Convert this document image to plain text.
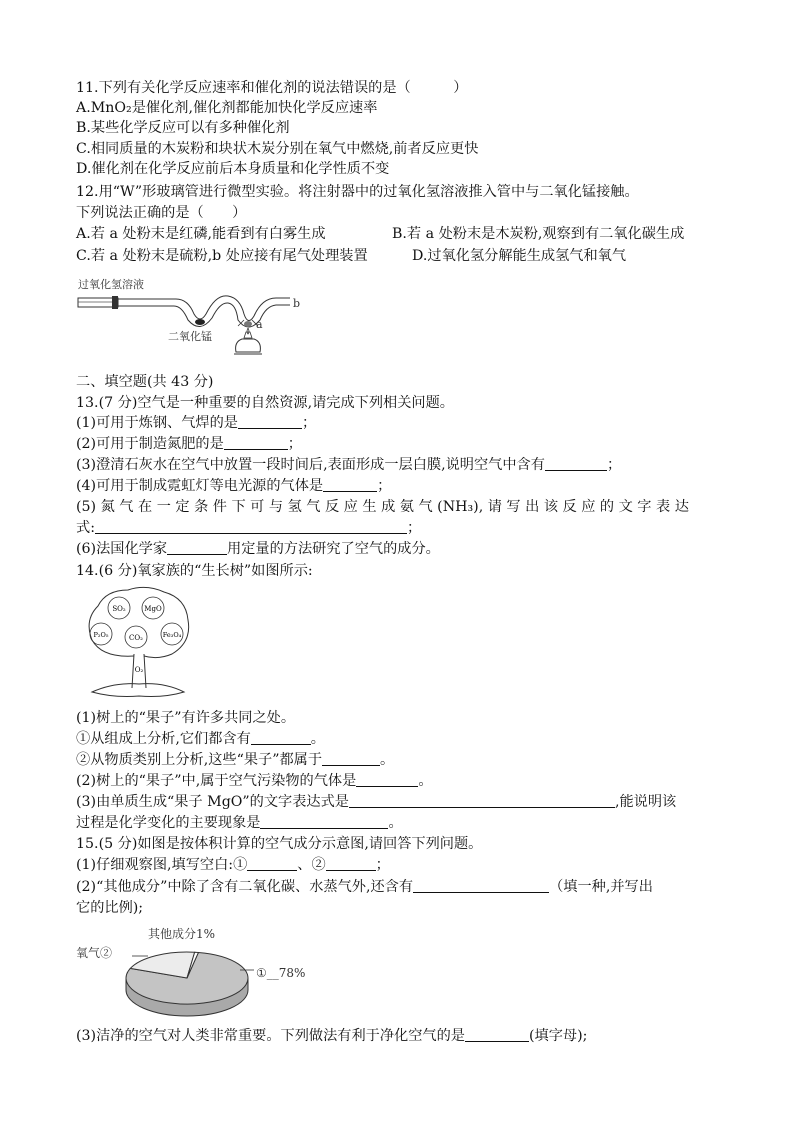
11.下列有关化学反应速率和催化剂的说法错误的是（　　　）
A.MnO₂是催化剂,催化剂都能加快化学反应速率
B.某些化学反应可以有多种催化剂
C.相同质量的木炭粉和块状木炭分别在氧气中燃烧,前者反应更快
D.催化剂在化学反应前后本身质量和化学性质不变
12.用“W”形玻璃管进行微型实验。将注射器中的过氧化氢溶液推入管中与二氧化锰接触。
下列说法正确的是（　　）
A.若 a 处粉末是红磷,能看到有白雾生成	B.若 a 处粉末是木炭粉,观察到有二氧化碳生成
C.若 a 处粉末是硫粉,b 处应接有尾气处理装置	D.过氧化氢分解能生成氢气和氧气
过氧化氢溶液
b
a
二氧化锰
二、填空题(共 43 分)
13.(7 分)空气是一种重要的自然资源,请完成下列相关问题。
(1)可用于炼钢、气焊的是	；
(2)可用于制造氮肥的是	；
(3)澄清石灰水在空气中放置一段时间后,表面形成一层白膜,说明空气中含有	；
(4)可用于制成霓虹灯等电光源的气体是	；
(5) 氮 气 在 一 定 条 件 下 可 与 氢 气 反 应 生 成 氨 气 (NH₃), 请 写 出 该 反 应 的 文 字 表 达
式:	；
(6)法国化学家	用定量的方法研究了空气的成分。
14.(6 分)氧家族的“生长树”如图所示:
SO₂	MgO
P₂O₅	CO₂	Fe₃O₄
O₂
(1)树上的“果子”有许多共同之处。
①从组成上分析,它们都含有	。
②从物质类别上分析,这些“果子”都属于	。
(2)树上的“果子”中,属于空气污染物的气体是	。
(3)由单质生成“果子 MgO”的文字表达式是	,能说明该
过程是化学变化的主要现象是	。
15.(5 分)如图是按体积计算的空气成分示意图,请回答下列问题。
(1)仔细观察图,填写空白:①	、②	；
(2)“其他成分”中除了含有二氧化碳、水蒸气外,还含有	（填一种,并写出
它的比例);
其他成分1%
氧气②
①__78%
(3)洁净的空气对人类非常重要。下列做法有利于净化空气的是	(填字母);
